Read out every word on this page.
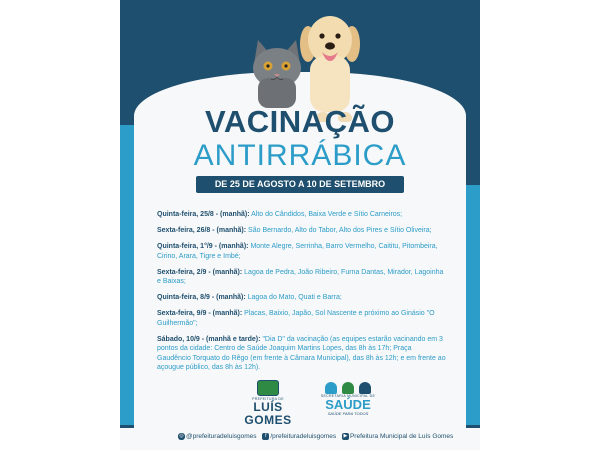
VACINAÇÃO
ANTIRRÁBICA
DE 25 DE AGOSTO A 10 DE SETEMBRO
Quinta-feira, 25/8 - (manhã): Alto do Cândidos, Baixa Verde e Sítio Carneiros;
Sexta-feira, 26/8 - (manhã): São Bernardo, Alto do Tabor, Alto dos Pires e Sítio Oliveira;
Quinta-feira, 1°/9 - (manhã): Monte Alegre, Serrinha, Barro Vermelho, Caititu, Pitombeira, Cirino, Arara, Tigre e Imbé;
Sexta-feira, 2/9 - (manhã): Lagoa de Pedra, João Ribeiro, Furna Dantas, Mirador, Lagoinha e Baixas;
Quinta-feira, 8/9 - (manhã): Lagoa do Mato, Quati e Barra;
Sexta-feira, 9/9 - (manhã): Placas, Baixio, Japão, Sol Nascente e próximo ao Ginásio "O Guilhermão";
Sábado, 10/9 - (manhã e tarde): "Dia D" da vacinação (as equipes estarão vacinando em 3 pontos da cidade: Centro de Saúde Joaquim Martins Lopes, das 8h às 17h; Praça Gaudêncio Torquato do Rêgo (em frente à Câmara Municipal), das 8h às 12h; e em frente ao açougue público, das 8h às 12h).
PREFEITURA DE
LUÍS GOMES
SECRETARIA MUNICIPAL DE
SAÚDE
SAÚDE PARA TODOS
◎ @prefeituradeluisgomes f /prefeituradeluisgomes ▶ Prefeitura Municipal de Luís Gomes
